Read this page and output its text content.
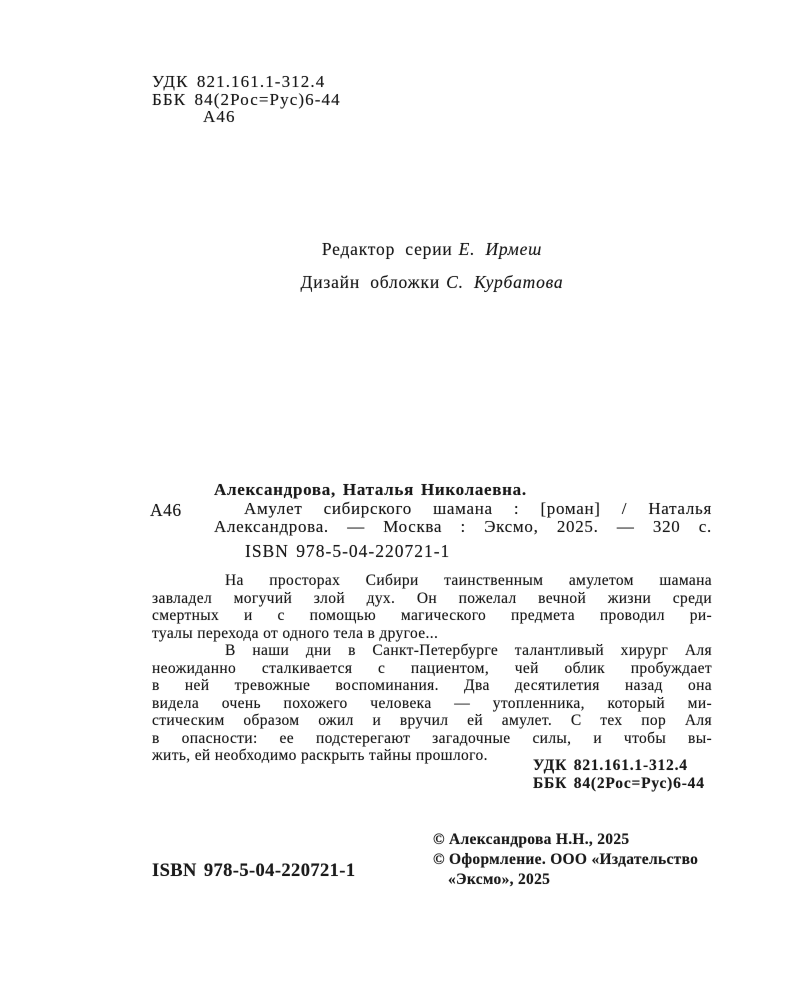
УДК 821.161.1-312.4
ББК 84(2Рос=Рус)6-44
А46
Редактор серии Е. Ирмеш
Дизайн обложки С. Курбатова
А46
Александрова, Наталья Николаевна.
Амулет сибирского шамана : [роман] / Наталья
Александрова. — Москва : Эксмо, 2025. — 320 с.
ISBN 978-5-04-220721-1
На просторах Сибири таинственным амулетом шамана
завладел могучий злой дух. Он пожелал вечной жизни среди
смертных и с помощью магического предмета проводил ри-
туалы перехода от одного тела в другое...
В наши дни в Санкт-Петербурге талантливый хирург Аля
неожиданно сталкивается с пациентом, чей облик пробуждает
в ней тревожные воспоминания. Два десятилетия назад она
видела очень похожего человека — утопленника, который ми-
стическим образом ожил и вручил ей амулет. С тех пор Аля
в опасности: ее подстерегают загадочные силы, и чтобы вы-
жить, ей необходимо раскрыть тайны прошлого.
УДК 821.161.1-312.4
ББК 84(2Рос=Рус)6-44
© Александрова Н.Н., 2025
© Оформление. ООО «Издательство
«Эксмо», 2025
ISBN 978-5-04-220721-1
